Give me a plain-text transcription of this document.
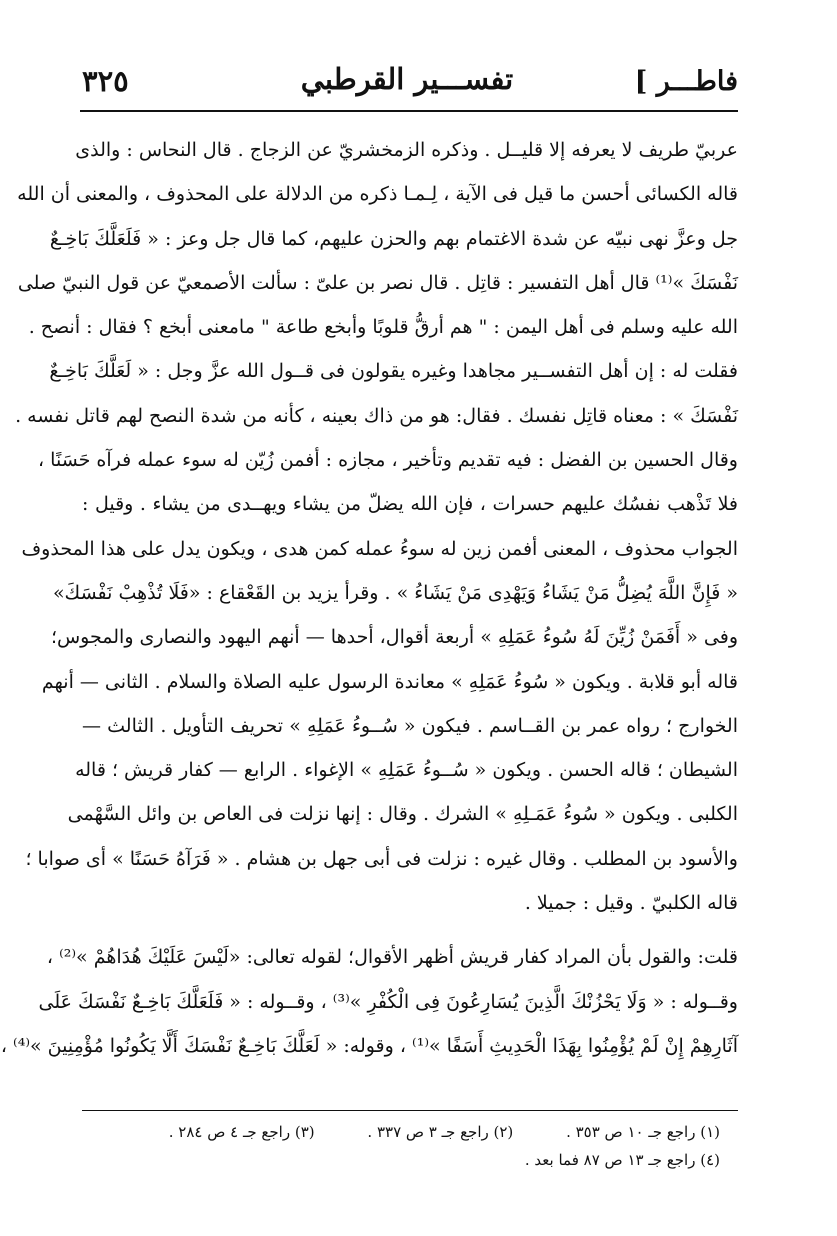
فاطـــر ]
تفســـير القرطبي
٣٢٥
عربيّ طريف لا يعرفه إلا قليــل . وذكره الزمخشريّ عن الزجاج . قال النحاس : والذى
قاله الكسائى أحسن ما قيل فى الآية ، لِـمـا ذكره من الدلالة على المحذوف ، والمعنى أن الله
جل وعزَّ نهى نبيّه عن شدة الاغتمام بهم والحزن عليهم، كما قال جل وعز : « فَلَعَلَّكَ بَاخِـعٌ
نَفْسَكَ »⁽¹⁾ قال أهل التفسير : قاتِل . قال نصر بن علىّ : سألت الأصمعيّ عن قول النبيّ صلى
الله عليه وسلم فى أهل اليمن : " هم أرقُّ قلوبًا وأبخع طاعة " مامعنى أبخع ؟ فقال : أنصح .
فقلت له : إن أهل التفســير مجاهدا وغيره يقولون فى قــول الله عزَّ وجل : « لَعَلَّكَ بَاخِـعٌ
نَفْسَكَ » : معناه قاتِل نفسك . فقال: هو من ذاك بعينه ، كأنه من شدة النصح لهم قاتل نفسه .
وقال الحسين بن الفضل : فيه تقديم وتأخير ، مجازه : أفمن زُيّن له سوء عمله فرآه حَسَنًا ،
فلا تَذْهب نفسُك عليهم حسرات ، فإن الله يضلّ من يشاء ويهــدى من يشاء . وقيل :
الجواب محذوف ، المعنى أفمن زين له سوءُ عمله كمن هدى ، ويكون يدل على هذا المحذوف
« فَإِنَّ اللَّهَ يُضِلُّ مَنْ يَشَاءُ وَيَهْدِى مَنْ يَشَاءُ » . وقرأ يزيد بن القَعْقاع : «فَلَا تُذْهِبْ نَفْسَكَ»
وفى « أَفَمَنْ زُيِّنَ لَهُ سُوءُ عَمَلِهِ » أربعة أقوال، أحدها — أنهم اليهود والنصارى والمجوس؛
قاله أبو قلابة . ويكون « سُوءُ عَمَلِهِ » معاندة الرسول عليه الصلاة والسلام . الثانى — أنهم
الخوارج ؛ رواه عمر بن القــاسم . فيكون « سُــوءُ عَمَلِهِ » تحريف التأويل . الثالث —
الشيطان ؛ قاله الحسن . ويكون « سُــوءُ عَمَلِهِ » الإغواء . الرابع — كفار قريش ؛ قاله
الكلبى . ويكون « سُوءُ عَمَـلِهِ » الشرك . وقال : إنها نزلت فى العاص بن وائل السَّهْمى
والأسود بن المطلب . وقال غيره : نزلت فى أبى جهل بن هشام . « فَرَآهُ حَسَنًا » أى صوابا ؛
قاله الكلبيّ . وقيل : جميلا .
قلت: والقول بأن المراد كفار قريش أظهر الأقوال؛ لقوله تعالى: «لَيْسَ عَلَيْكَ هُدَاهُمْ »⁽²⁾ ،
وقــوله : « وَلَا يَحْزُنْكَ الَّذِينَ يُسَارِعُونَ فِى الْكُفْرِ »⁽³⁾ ، وقــوله : « فَلَعَلَّكَ بَاخِـعٌ نَفْسَكَ عَلَى
آثَارِهِمْ إِنْ لَمْ يُؤْمِنُوا بِهَذَا الْحَدِيثِ أَسَفًا »⁽¹⁾ ، وقوله: « لَعَلَّكَ بَاخِـعٌ نَفْسَكَ أَلَّا يَكُونُوا مُؤْمِنِينَ »⁽⁴⁾ ،
(١) راجع جـ ١٠ ص ٣٥٣ . (٢) راجع جـ ٣ ص ٣٣٧ . (٣) راجع جـ ٤ ص ٢٨٤ .
(٤) راجع جـ ١٣ ص ٨٧ فما بعد .
